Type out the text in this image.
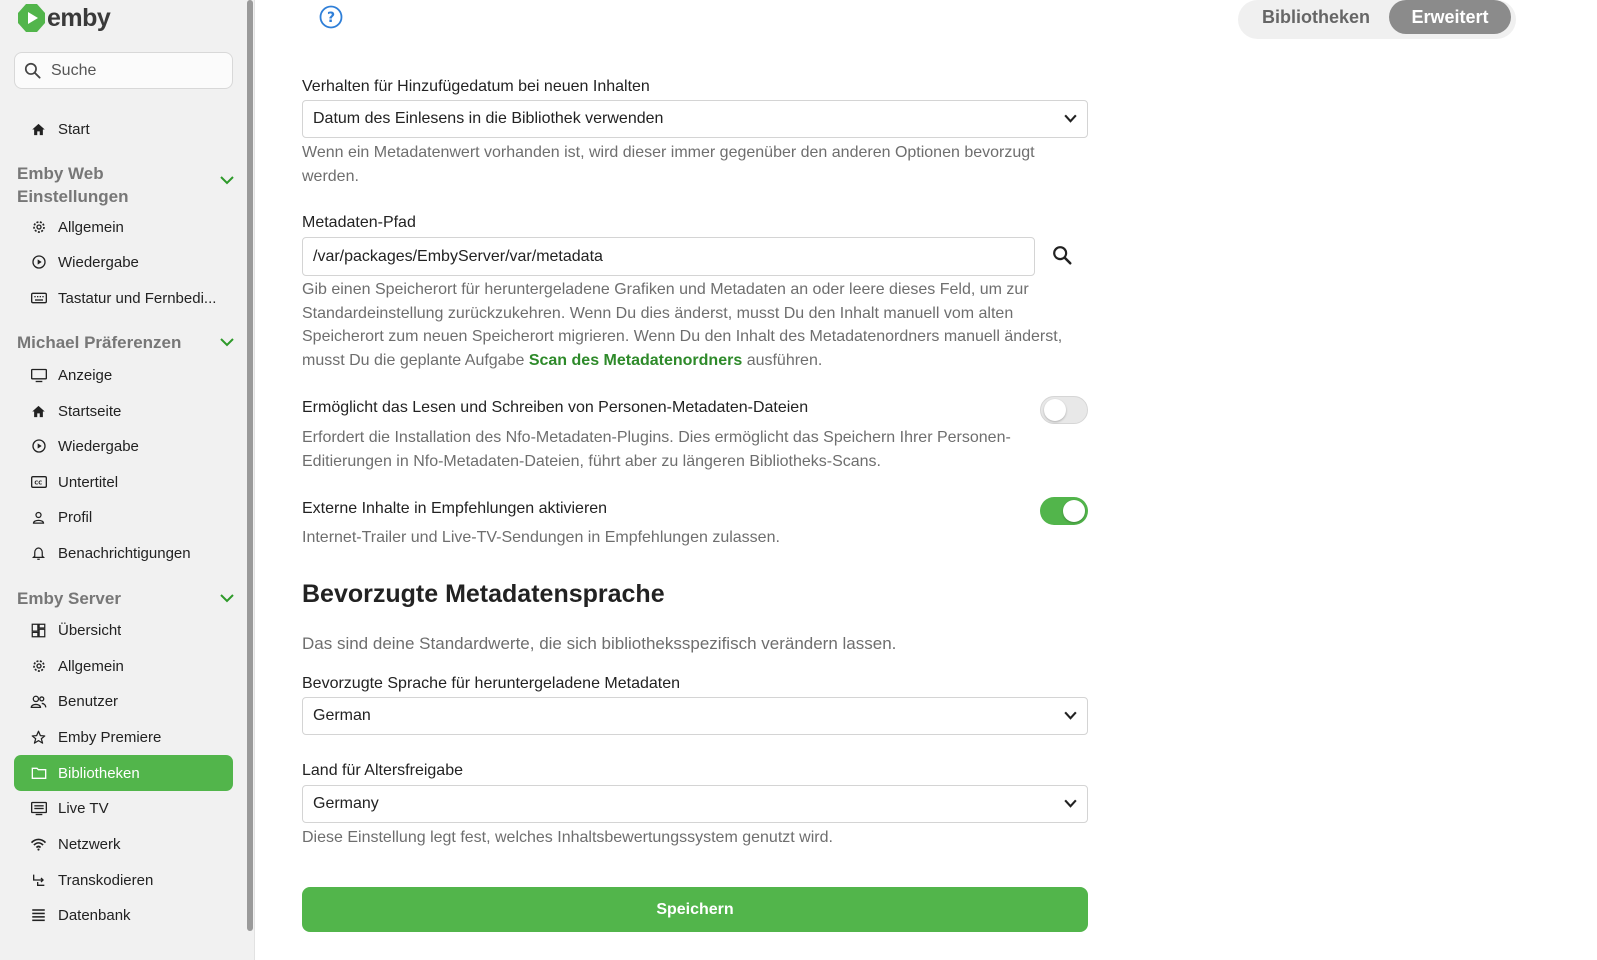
emby
Suche
Start
Emby Web Einstellungen
Allgemein
Wiedergabe
Tastatur und Fernbedi...
Michael Präferenzen
Anzeige
Startseite
Wiedergabe
CC Untertitel
Profil
Benachrichtigungen
Emby Server
Übersicht
Allgemein
Benutzer
Emby Premiere
Bibliotheken
Live TV
Netzwerk
Transkodieren
Datenbank
?	Bibliotheken	Erweitert
Verhalten für Hinzufügedatum bei neuen Inhalten
Datum des Einlesens in die Bibliothek verwenden
Wenn ein Metadatenwert vorhanden ist, wird dieser immer gegenüber den anderen Optionen bevorzugt werden.
Metadaten-Pfad
/var/packages/EmbyServer/var/metadata
Gib einen Speicherort für heruntergeladene Grafiken und Metadaten an oder leere dieses Feld, um zur Standardeinstellung zurückzukehren. Wenn Du dies änderst, musst Du den Inhalt manuell vom alten Speicherort zum neuen Speicherort migrieren. Wenn Du den Inhalt des Metadatenordners manuell änderst, musst Du die geplante Aufgabe Scan des Metadatenordners ausführen.
Ermöglicht das Lesen und Schreiben von Personen-Metadaten-Dateien
Erfordert die Installation des Nfo-Metadaten-Plugins. Dies ermöglicht das Speichern Ihrer Personen-Editierungen in Nfo-Metadaten-Dateien, führt aber zu längeren Bibliotheks-Scans.
Externe Inhalte in Empfehlungen aktivieren
Internet-Trailer und Live-TV-Sendungen in Empfehlungen zulassen.
Bevorzugte Metadatensprache
Das sind deine Standardwerte, die sich bibliotheksspezifisch verändern lassen.
Bevorzugte Sprache für heruntergeladene Metadaten
German
Land für Altersfreigabe
Germany
Diese Einstellung legt fest, welches Inhaltsbewertungssystem genutzt wird.
Speichern
